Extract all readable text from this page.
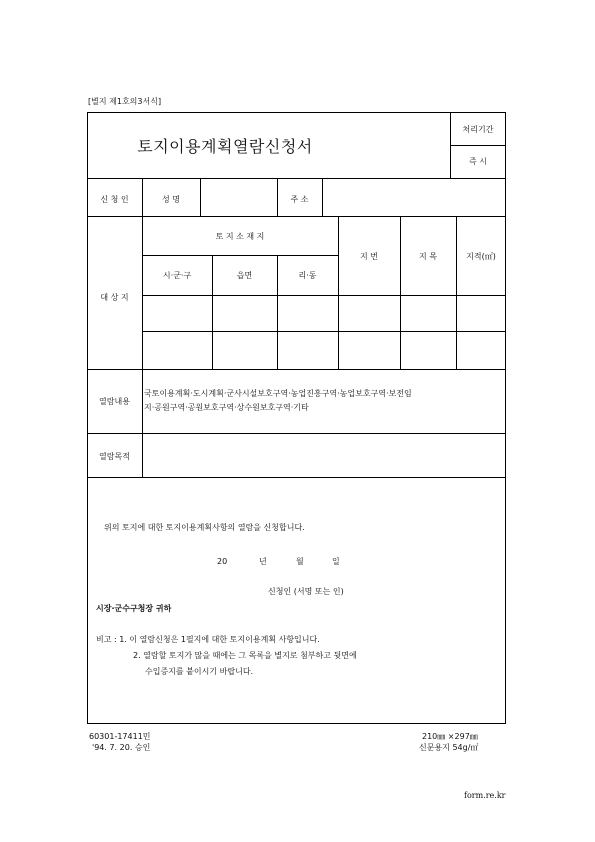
[별지 제1호의3서식]
토지이용계획열람신청서
처리기간
즉 시
신 청 인	성 명	주 소
대 상 지
토 지 소 재 지
시·군·구	읍면	리·동
지 번	지 목	지적(㎡)
열람내용
국토이용계획·도시계획·군사시설보호구역·농업진흥구역·농업보호구역·보전임
지·공원구역·공원보호구역·상수원보호구역·기타
열람목적
위의 토지에 대한 토지이용계획사항의 열람을 신청합니다.
20	년	월	일
신청인 (서명 또는 인)
시장·군수구청장 귀하
비고 : 1. 이 열람신청은 1필지에 대한 토지이용계획 사항입니다.
2. 열람할 토지가 많을 때에는 그 목록을 별지로 첨부하고 뒷면에
수입증지를 붙이시기 바랍니다.
60301-17411민
'94. 7. 20. 승인
210㎜ ×297㎜
신문용지 54g/㎡
form.re.kr
